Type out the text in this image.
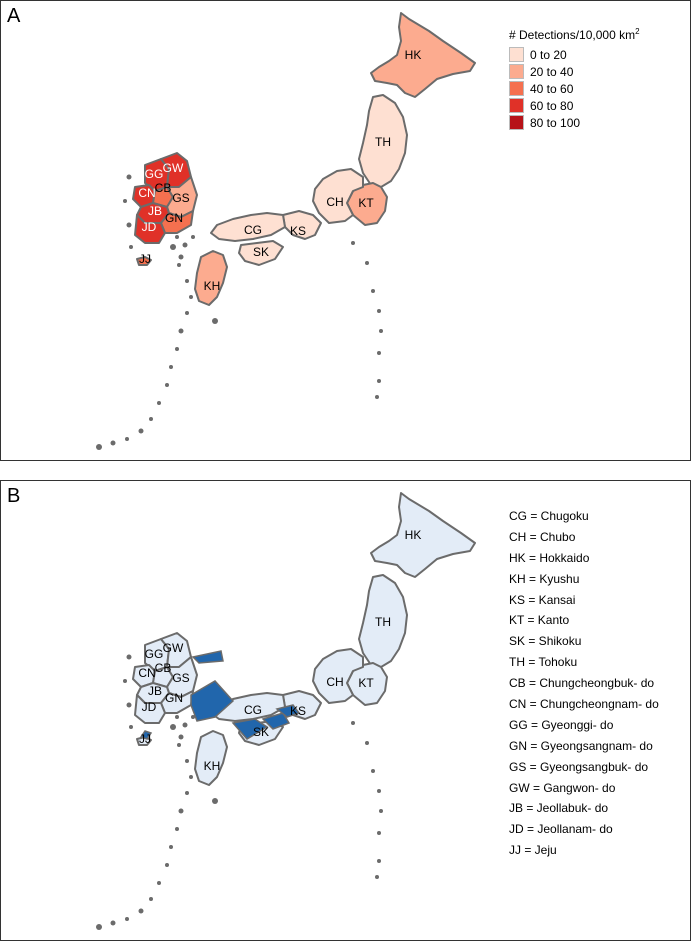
A
HK
TH
KT
CH
KS
CG
SK
KH
GG GW
CN
CB
GS
JB GN
JD
JJ
# Detections/10,000 $km^2$
0 to 20
20 to 40
40 to 60
60 to 80
80 to 100
B
HK
TH
KT
CH
KS
CG
SK
KH
GG GW
CN
CB
GS
JB GN
JD
JJ
CG = Chugoku
CH = Chubo
HK = Hokkaido
KH = Kyushu
KS = Kansai
KT = Kanto
SK = Shikoku
TH = Tohoku
CB = Chungcheongbuk- do
CN = Chungcheongnam- do
GG = Gyeonggi- do
GN = Gyeongsangnam- do
GS = Gyeongsangbuk- do
GW = Gangwon- do
JB = Jeollabuk- do
JD = Jeollanam- do
JJ = Jeju
